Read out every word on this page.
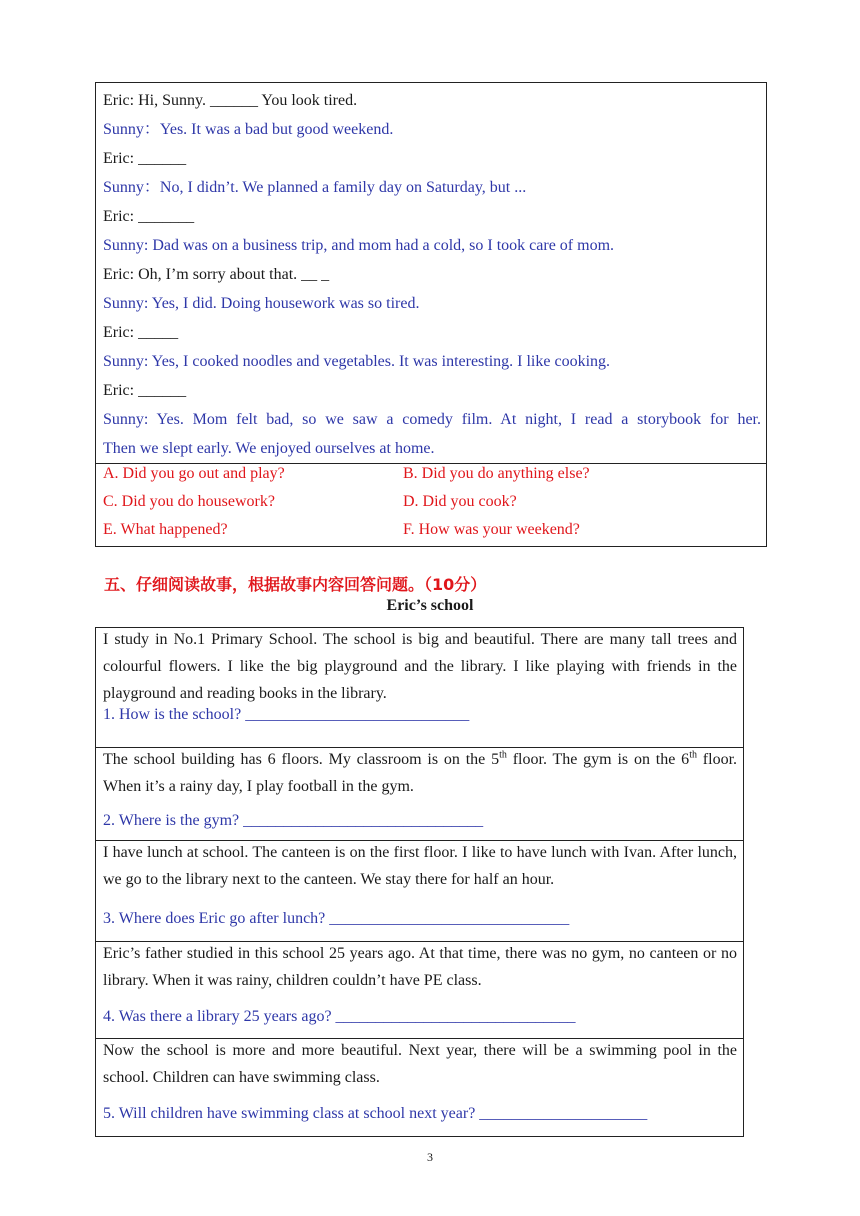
Eric: Hi, Sunny. ______ You look tired.
Sunny：Yes. It was a bad but good weekend.
Eric: ______
Sunny：No, I didn’t. We planned a family day on Saturday, but ...
Eric: _______
Sunny: Dad was on a business trip, and mom had a cold, so I took care of mom.
Eric: Oh, I’m sorry about that. __ _
Sunny: Yes, I did. Doing housework was so tired.
Eric: _____
Sunny: Yes, I cooked noodles and vegetables. It was interesting. I like cooking.
Eric: ______
Sunny: Yes. Mom felt bad, so we saw a comedy film. At night, I read a storybook for her.
Then we slept early. We enjoyed ourselves at home.
A. Did you go out and play?	B. Did you do anything else?
C. Did you do housework?	D. Did you cook?
E. What happened?	F. How was your weekend?
五、仔细阅读故事，根据故事内容回答问题。（10分）
Eric’s school
I study in No.1 Primary School. The school is big and beautiful. There are many tall trees and colourful flowers. I like the big playground and the library. I like playing with friends in the playground and reading books in the library.
1. How is the school? ____________________________
The school building has 6 floors. My classroom is on the 5th floor. The gym is on the 6th floor. When it’s a rainy day, I play football in the gym.
2. Where is the gym? ______________________________
I have lunch at school. The canteen is on the first floor. I like to have lunch with Ivan. After lunch, we go to the library next to the canteen. We stay there for half an hour.
3. Where does Eric go after lunch? ______________________________
Eric’s father studied in this school 25 years ago. At that time, there was no gym, no canteen or no library. When it was rainy, children couldn’t have PE class.
4. Was there a library 25 years ago? ______________________________
Now the school is more and more beautiful. Next year, there will be a swimming pool in the school. Children can have swimming class.
5. Will children have swimming class at school next year? _____________________
3
